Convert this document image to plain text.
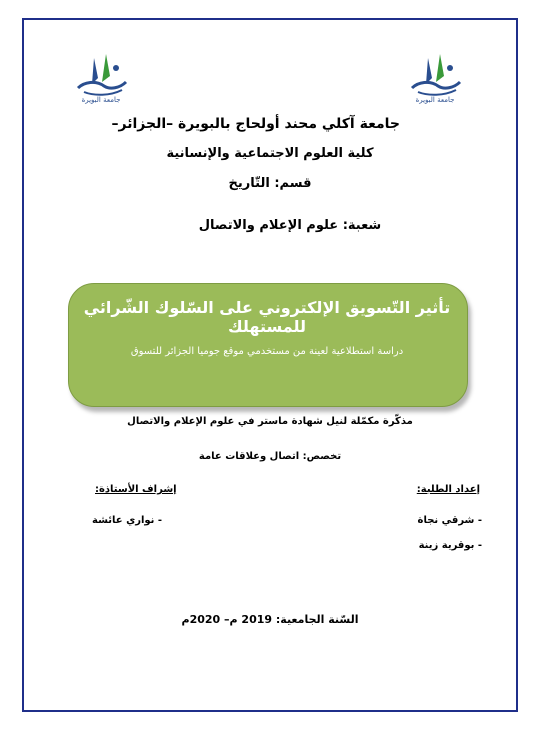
جامعة البويرة
جامعة البويرة
جامعة آكلي محند أولحاج بالبويرة –الجزائر–
كلية العلوم الاجتماعية والإنسانية
قسم: التّاريخ
شعبة: علوم الإعلام والاتصال
تأثير التّسويق الإلكتروني على السّلوك الشّرائي للمستهلك
دراسة استطلاعية لعينة من مستخدمي موقع جوميا الجزائر للتسوق
مذكّرة مكمّلة لنيل شهادة ماستر في علوم الإعلام والاتصال
تخصص: اتصال وعلاقات عامة
إعداد الطلبة:
إشراف الأستاذة:
- شرقي نجاة
- بوقرية زينة
- نواري عائشة
السّنة الجامعية: 2019 م– 2020م
